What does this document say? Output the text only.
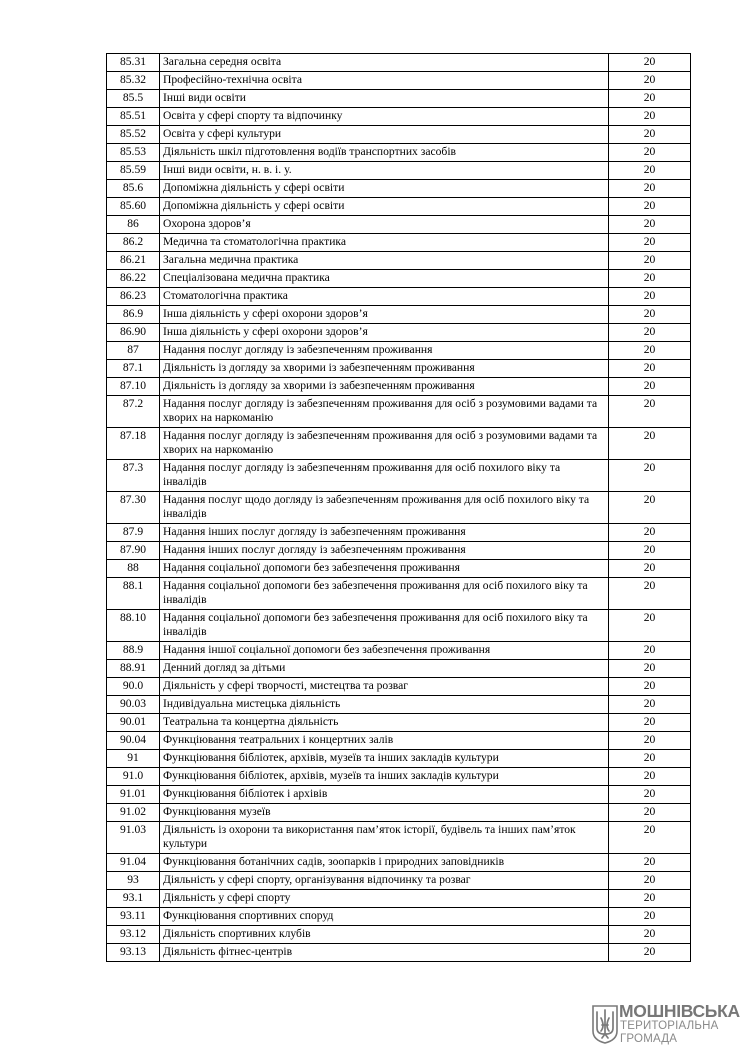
85.31	Загальна середня освіта	20
85.32	Професійно-технічна освіта	20
85.5	Інші види освіти	20
85.51	Освіта у сфері спорту та відпочинку	20
85.52	Освіта у сфері культури	20
85.53	Діяльність шкіл підготовлення водіїв транспортних засобів	20
85.59	Інші види освіти, н. в. і. у.	20
85.6	Допоміжна діяльність у сфері освіти	20
85.60	Допоміжна діяльність у сфері освіти	20
86	Охорона здоров’я	20
86.2	Медична та стоматологічна практика	20
86.21	Загальна медична практика	20
86.22	Спеціалізована медична практика	20
86.23	Стоматологічна практика	20
86.9	Інша діяльність у сфері охорони здоров’я	20
86.90	Інша діяльність у сфері охорони здоров’я	20
87	Надання послуг догляду із забезпеченням проживання	20
87.1	Діяльність із догляду за хворими із забезпеченням проживання	20
87.10	Діяльність із догляду за хворими із забезпеченням проживання	20
87.2	Надання послуг догляду із забезпеченням проживання для осіб з розумовими вадами та хворих на наркоманію	20
87.18	Надання послуг догляду із забезпеченням проживання для осіб з розумовими вадами та хворих на наркоманію	20
87.3	Надання послуг догляду із забезпеченням проживання для осіб похилого віку та інвалідів	20
87.30	Надання послуг щодо догляду із забезпеченням проживання для осіб похилого віку та інвалідів	20
87.9	Надання інших послуг догляду із забезпеченням проживання	20
87.90	Надання інших послуг догляду із забезпеченням проживання	20
88	Надання соціальної допомоги без забезпечення проживання	20
88.1	Надання соціальної допомоги без забезпечення проживання для осіб похилого віку та інвалідів	20
88.10	Надання соціальної допомоги без забезпечення проживання для осіб похилого віку та інвалідів	20
88.9	Надання іншої соціальної допомоги без забезпечення проживання	20
88.91	Денний догляд за дітьми	20
90.0	Діяльність у сфері творчості, мистецтва та розваг	20
90.03	Індивідуальна мистецька діяльність	20
90.01	Театральна та концертна діяльність	20
90.04	Функціювання театральних і концертних залів	20
91	Функціювання бібліотек, архівів, музеїв та інших закладів культури	20
91.0	Функціювання бібліотек, архівів, музеїв та інших закладів культури	20
91.01	Функціювання бібліотек і архівів	20
91.02	Функціювання музеїв	20
91.03	Діяльність із охорони та використання пам’яток історії, будівель та інших пам’яток культури	20
91.04	Функціювання ботанічних садів, зоопарків і природних заповідників	20
93	Діяльність у сфері спорту, організування відпочинку та розваг	20
93.1	Діяльність у сфері спорту	20
93.11	Функціювання спортивних споруд	20
93.12	Діяльність спортивних клубів	20
93.13	Діяльність фітнес-центрів	20
МОШНІВСЬКА
ТЕРИТОРІАЛЬНА
ГРОМАДА
